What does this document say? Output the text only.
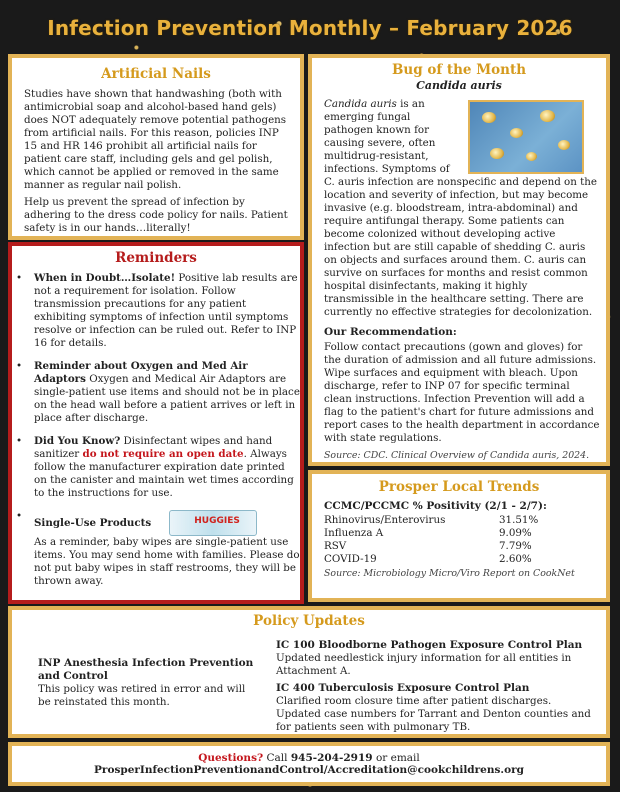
Infection Prevention Monthly – February 2026
Artificial Nails

Studies have shown that handwashing (both with antimicrobial soap and alcohol-based hand gels) does NOT adequately remove potential pathogens from artificial nails. For this reason, policies INP 15 and HR 146 prohibit all artificial nails for patient care staff, including gels and gel polish, which cannot be applied or removed in the same manner as regular nail polish.

Help us prevent the spread of infection by adhering to the dress code policy for nails. Patient safety is in our hands…literally!

Bug of the Month
Candida auris
Candida auris is an emerging fungal pathogen known for causing severe, often multidrug-resistant, infections. Symptoms of C. auris infection are nonspecific and depend on the location and severity of infection, but may become invasive (e.g. bloodstream, intra-abdominal) and require antifungal therapy. Some patients can become colonized without developing active infection but are still capable of shedding C. auris on objects and surfaces around them. C. auris can survive on surfaces for months and resist common hospital disinfectants, making it highly transmissible in the healthcare setting. There are currently no effective strategies for decolonization.

Our Recommendation:

Follow contact precautions (gown and gloves) for the duration of admission and all future admissions. Wipe surfaces and equipment with bleach. Upon discharge, refer to INP 07 for specific terminal clean instructions. Infection Prevention will add a flag to the patient's chart for future admissions and report cases to the health department in accordance with state regulations.

Source: CDC. Clinical Overview of Candida auris, 2024.

Reminders
• When in Doubt…Isolate! Positive lab results are not a requirement for isolation. Follow transmission precautions for any patient exhibiting symptoms of infection until symptoms resolve or infection can be ruled out. Refer to INP 16 for details.
• Reminder about Oxygen and Med Air Adaptors Oxygen and Medical Air Adaptors are single-patient use items and should not be in place on the head wall before a patient arrives or left in place after discharge.
• Did You Know? Disinfectant wipes and hand sanitizer do not require an open date. Always follow the manufacturer expiration date printed on the canister and maintain wet times according to the instructions for use.
• Single-Use Products	HUGGIES

As a reminder, baby wipes are single-patient use items. You may send home with families. Please do not put baby wipes in staff restrooms, they will be thrown away.
Prosper Local Trends
CCMC/PCCMC % Positivity (2/1 - 2/7):
Rhinovirus/Enterovirus	31.51%
Influenza A	9.09%
RSV	7.79%
COVID-19	2.60%

Source: Microbiology Micro/Viro Report on CookNet

Policy Updates

INP Anesthesia Infection Prevention and Control

This policy was retired in error and will be reinstated this month.

IC 100 Bloodborne Pathogen Exposure Control Plan

Updated needlestick injury information for all entities in Attachment A.

IC 400 Tuberculosis Exposure Control Plan

Clarified room closure time after patient discharges. Updated case numbers for Tarrant and Denton counties and for patients seen with pulmonary TB.

Questions? Call 945-204-2919 or email
ProsperInfectionPreventionandControl/Accreditation@cookchildrens.org
